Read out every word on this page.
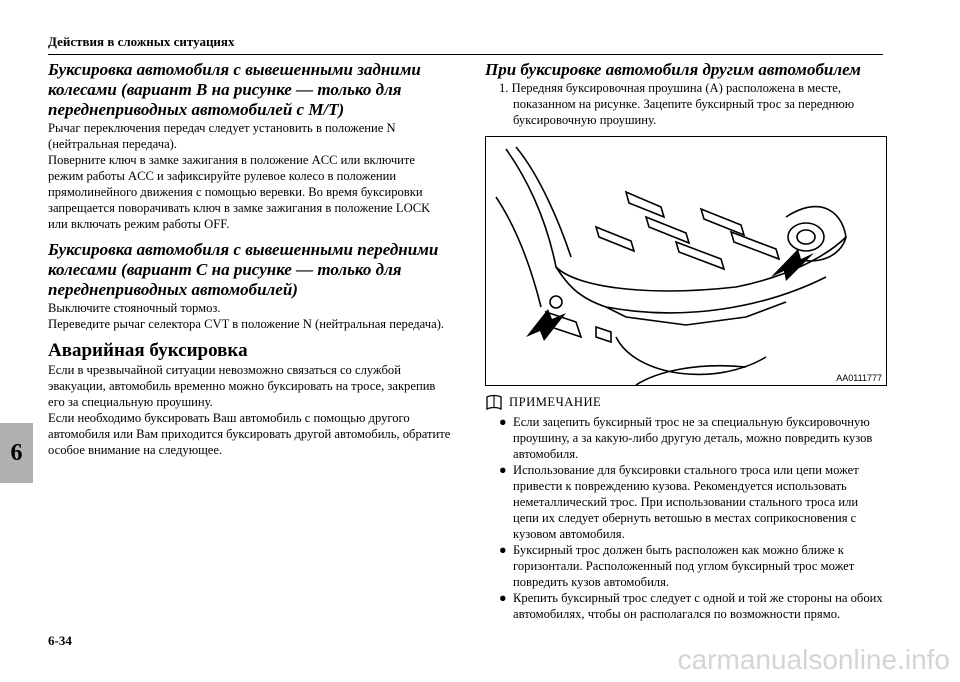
Действия в сложных ситуациях
6

Буксировка автомобиля с вывешенными задними колесами (вариант B на рисунке — только для переднеприводных автомобилей с M/T)

Рычаг переключения передач следует установить в положение N (нейтральная передача).

Поверните ключ в замке зажигания в положение ACC или включите режим работы ACC и зафиксируйте рулевое колесо в положении прямолинейного движения с помощью веревки. Во время буксировки запрещается поворачивать ключ в замке зажигания в положение LOCK или включать режим работы OFF.

Буксировка автомобиля с вывешенными передними колесами (вариант C на рисунке — только для переднеприводных автомобилей)

Выключите стояночный тормоз.

Переведите рычаг селектора CVT в положение N (нейтральная передача).

Аварийная буксировка

Если в чрезвычайной ситуации невозможно связаться со службой эвакуации, автомобиль временно можно буксировать на тросе, закрепив его за специальную проушину.

Если необходимо буксировать Ваш автомобиль с помощью другого автомобиля или Вам приходится буксировать другой автомобиль, обратите особое внимание на следующее.

При буксировке автомобиля другим автомобилем

1. Передняя буксировочная проушина (A) расположена в месте, показанном на рисунке. Зацепите буксирный трос за переднюю буксировочную проушину.

AA0111777
ПРИМЕЧАНИЕ
● Если зацепить буксирный трос не за специальную буксировочную проушину, а за какую-либо другую деталь, можно повредить кузов автомобиля.
● Использование для буксировки стального троса или цепи может привести к повреждению кузова. Рекомендуется использовать неметаллический трос. При использовании стального троса или цепи их следует обернуть ветошью в местах соприкосновения с кузовом автомобиля.
● Буксирный трос должен быть расположен как можно ближе к горизонтали. Расположенный под углом буксирный трос может повредить кузов автомобиля.
● Крепить буксирный трос следует с одной и той же стороны на обоих автомобилях, чтобы он располагался по возможности прямо.
6-34
carmanualsonline.info
